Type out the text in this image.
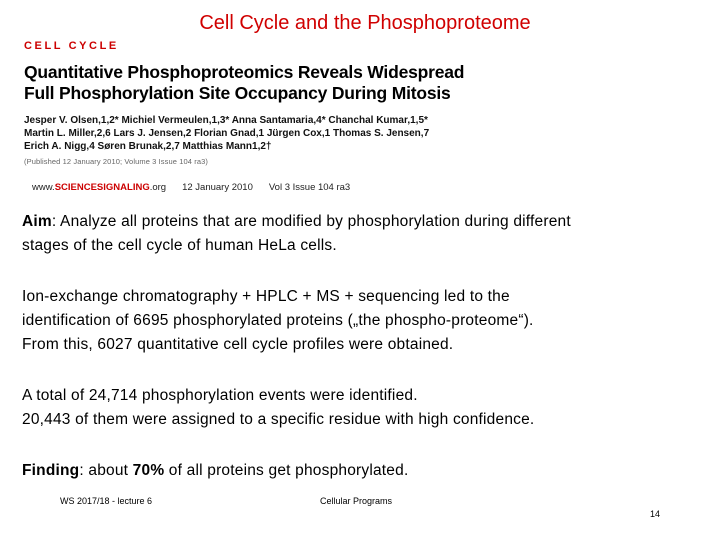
Cell Cycle and the Phosphoproteome
CELL CYCLE
Quantitative Phosphoproteomics Reveals Widespread
Full Phosphorylation Site Occupancy During Mitosis
Jesper V. Olsen,1,2* Michiel Vermeulen,1,3* Anna Santamaria,4* Chanchal Kumar,1,5*
Martin L. Miller,2,6 Lars J. Jensen,2 Florian Gnad,1 Jürgen Cox,1 Thomas S. Jensen,7
Erich A. Nigg,4 Søren Brunak,2,7 Matthias Mann1,2†
(Published 12 January 2010; Volume 3 Issue 104 ra3)
www.SCIENCESIGNALING.org 12 January 2010 Vol 3 Issue 104 ra3

Aim: Analyze all proteins that are modified by phosphorylation during different

stages of the cell cycle of human HeLa cells.

Ion-exchange chromatography + HPLC + MS + sequencing led to the

identification of 6695 phosphorylated proteins („the phospho-proteome“).

From this, 6027 quantitative cell cycle profiles were obtained.

A total of 24,714 phosphorylation events were identified.

20,443 of them were assigned to a specific residue with high confidence.

Finding: about 70% of all proteins get phosphorylated.

WS 2017/18 - lecture 6	Cellular Programs
14
